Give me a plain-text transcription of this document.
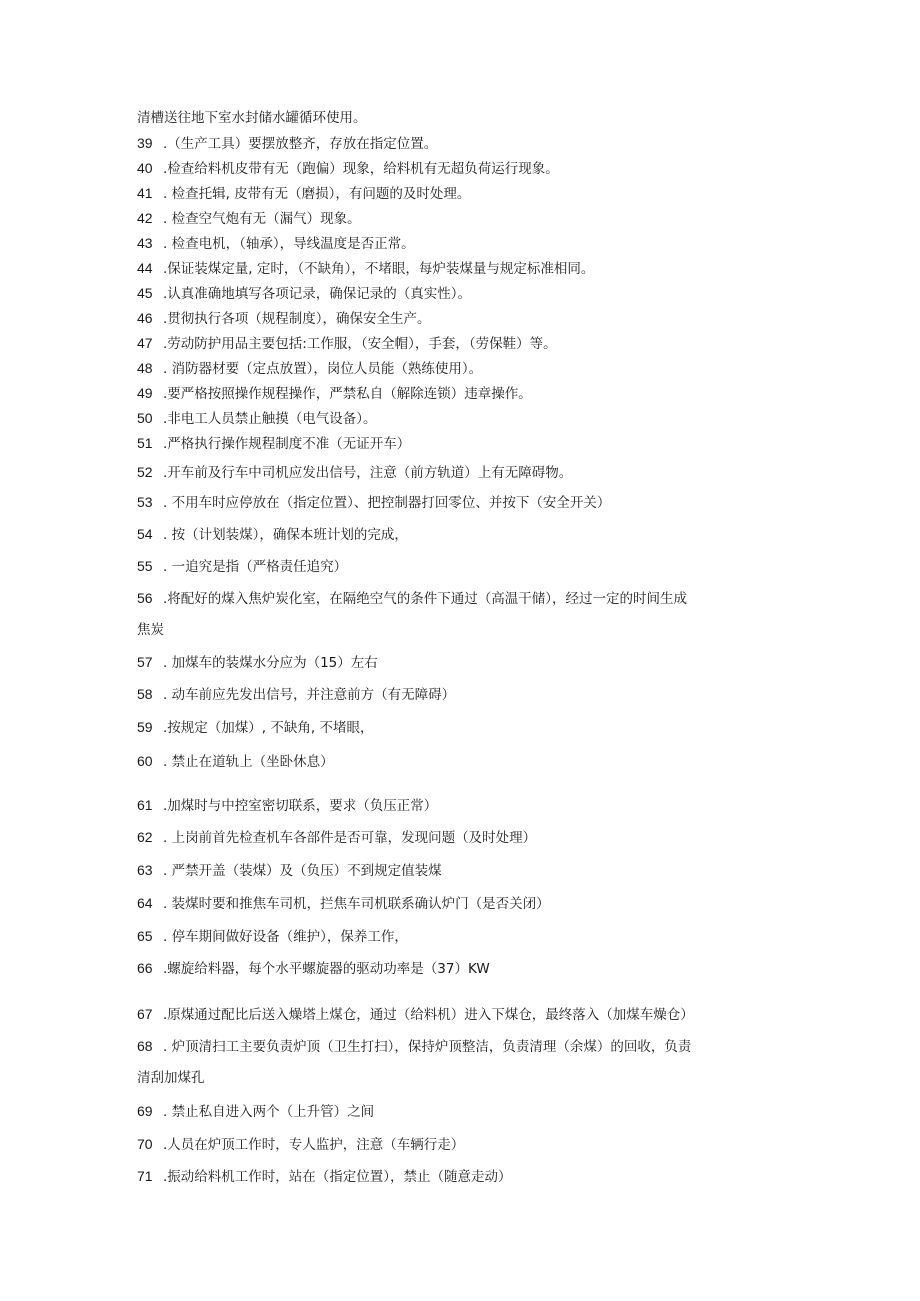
清槽送往地下室水封储水罐循环使用。
39 .（生产工具）要摆放整齐，存放在指定位置。
40 .检查给料机皮带有无（跑偏）现象，给料机有无超负荷运行现象。
41 . 检查托辑, 皮带有无（磨损），有问题的及时处理。
42 . 检查空气炮有无（漏气）现象。
43 . 检查电机，（轴承），导线温度是否正常。
44 .保证装煤定量, 定时，（不缺角），不堵眼，每炉装煤量与规定标准相同。
45 .认真准确地填写各项记录，确保记录的（真实性）。
46 .贯彻执行各项（规程制度），确保安全生产。
47 .劳动防护用品主要包括:工作服，（安全帽），手套，（劳保鞋）等。
48 . 消防器材要（定点放置），岗位人员能（熟练使用）。
49 .要严格按照操作规程操作，严禁私自（解除连锁）违章操作。
50 .非电工人员禁止触摸（电气设备）。
51 .严格执行操作规程制度不准（无证开车）
52 .开车前及行车中司机应发出信号，注意（前方轨道）上有无障碍物。
53 . 不用车时应停放在（指定位置）、把控制器打回零位、并按下（安全开关）
54 . 按（计划装煤），确保本班计划的完成，
55 . 一追究是指（严格责任追究）
56 .将配好的煤入焦炉炭化室，在隔绝空气的条件下通过（高温干储），经过一定的时间生成
焦炭
57 . 加煤车的装煤水分应为（15）左右
58 . 动车前应先发出信号，并注意前方（有无障碍）
59 .按规定（加煤）, 不缺角, 不堵眼，
60 . 禁止在道轨上（坐卧休息）
61 .加煤时与中控室密切联系，要求（负压正常）
62 . 上岗前首先检查机车各部件是否可靠，发现问题（及时处理）
63 . 严禁开盖（装煤）及（负压）不到规定值装煤
64 . 装煤时要和推焦车司机，拦焦车司机联系确认炉门（是否关闭）
65 . 停车期间做好设备（维护），保养工作，
66 .螺旋给料器，每个水平螺旋器的驱动功率是（37）KW
67 .原煤通过配比后送入燥塔上煤仓，通过（给料机）进入下煤仓，最终落入（加煤车燥仓）
68 . 炉顶清扫工主要负责炉顶（卫生打扫），保持炉顶整洁，负责清理（余煤）的回收，负责
清刮加煤孔
69 . 禁止私自进入两个（上升管）之间
70 .人员在炉顶工作时，专人监护，注意（车辆行走）
71 .振动给料机工作时，站在（指定位置），禁止（随意走动）
